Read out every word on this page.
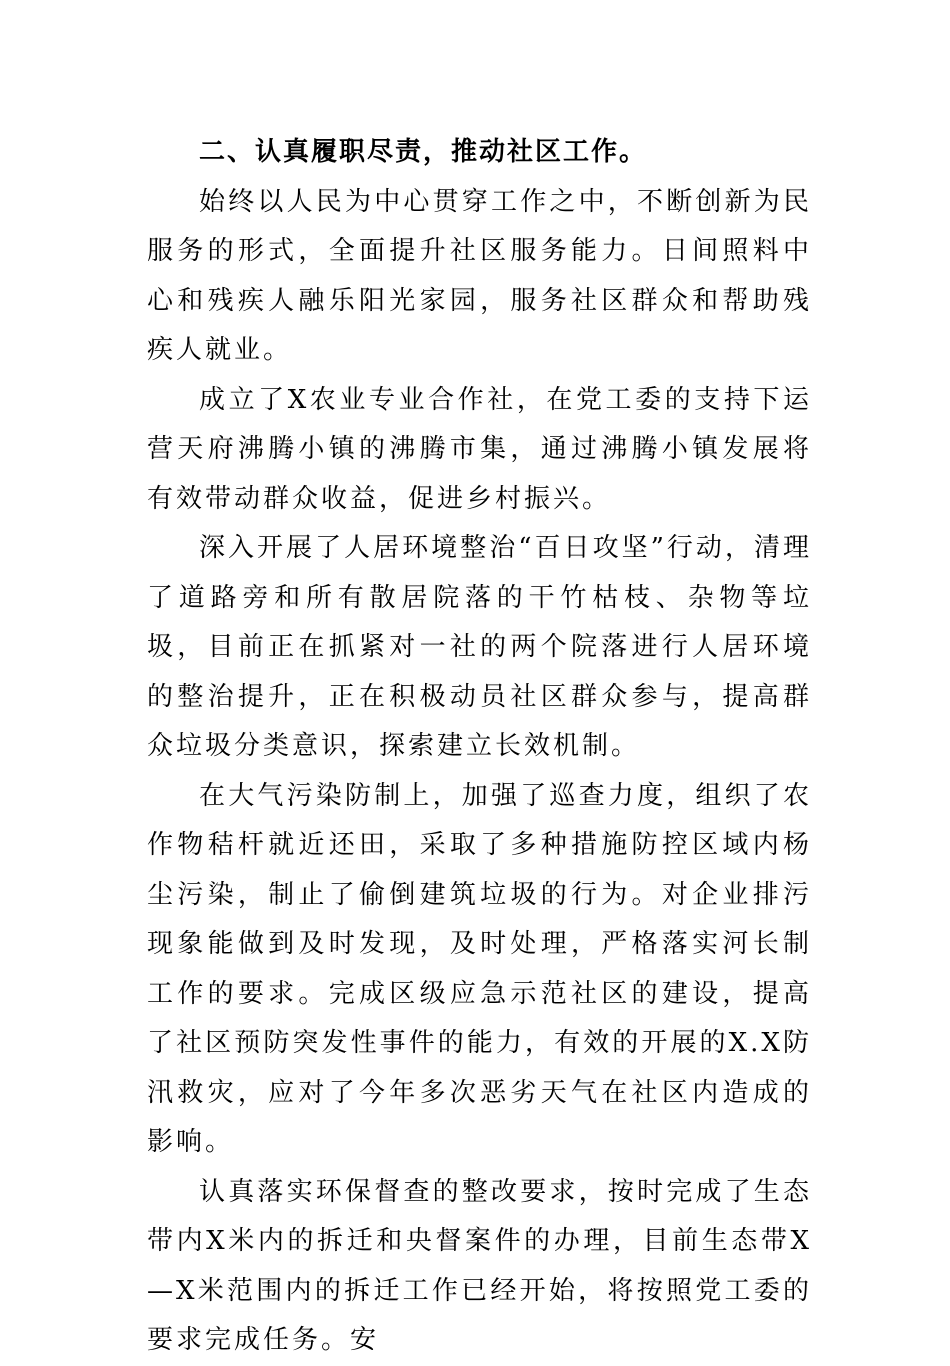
二、认真履职尽责，推动社区工作。

始终以人民为中心贯穿工作之中，不断创新为民服务的形式，全面提升社区服务能力。日间照料中心和残疾人融乐阳光家园，服务社区群众和帮助残疾人就业。

成立了X农业专业合作社，在党工委的支持下运营天府沸腾小镇的沸腾市集，通过沸腾小镇发展将有效带动群众收益，促进乡村振兴。

深入开展了人居环境整治“百日攻坚”行动，清理了道路旁和所有散居院落的干竹枯枝、杂物等垃圾，目前正在抓紧对一社的两个院落进行人居环境的整治提升，正在积极动员社区群众参与，提高群众垃圾分类意识，探索建立长效机制。

在大气污染防制上，加强了巡查力度，组织了农作物秸杆就近还田，采取了多种措施防控区域内杨尘污染，制止了偷倒建筑垃圾的行为。对企业排污现象能做到及时发现，及时处理，严格落实河长制工作的要求。完成区级应急示范社区的建设，提高了社区预防突发性事件的能力，有效的开展的X.X防汛救灾，应对了今年多次恶劣天气在社区内造成的影响。

认真落实环保督查的整改要求，按时完成了生态带内X米内的拆迁和央督案件的办理，目前生态带X—X米范围内的拆迁工作已经开始，将按照党工委的要求完成任务。安
